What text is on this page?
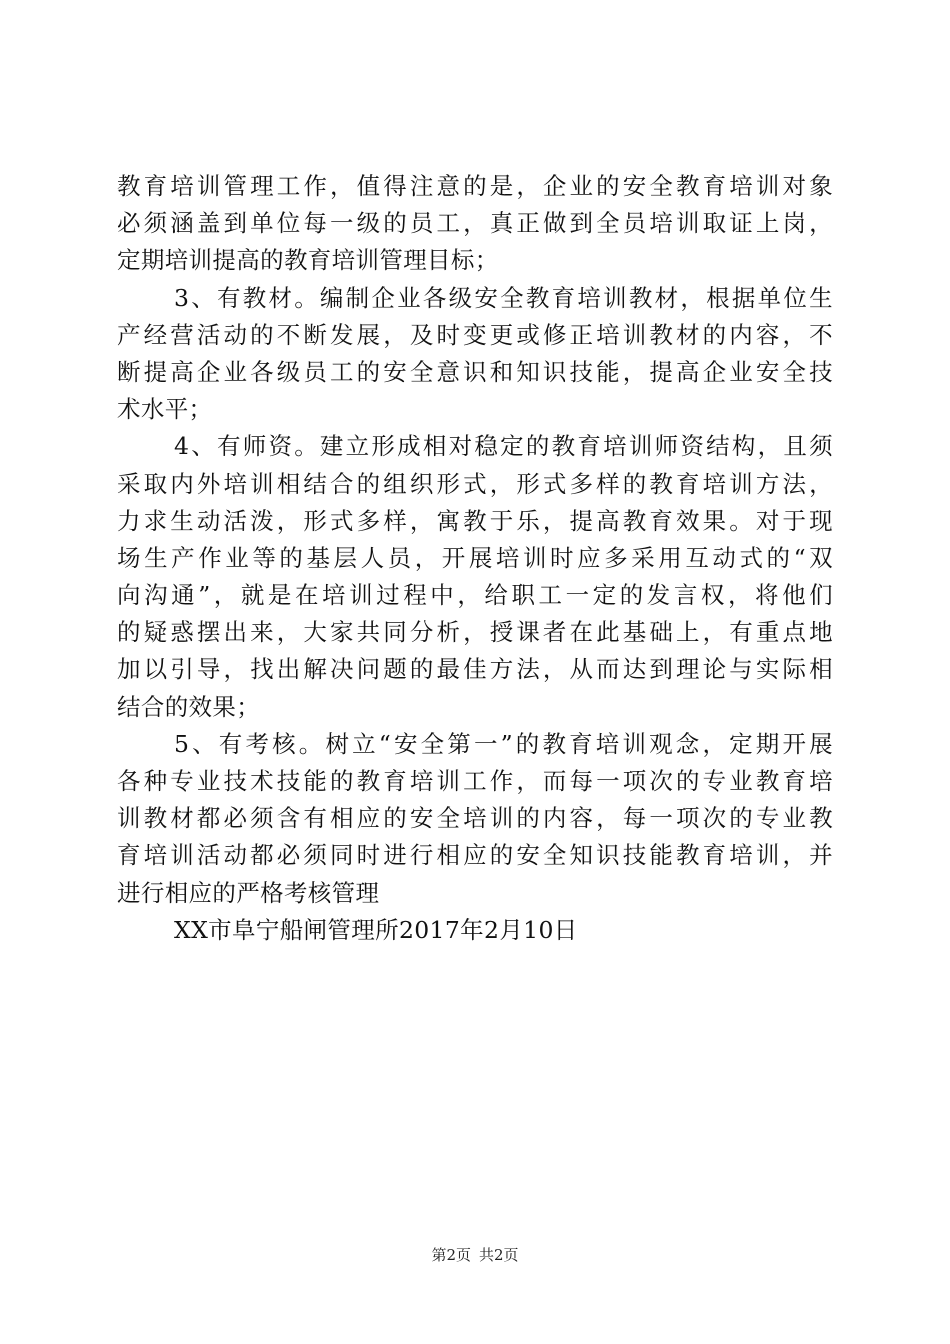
教育培训管理工作，值得注意的是，企业的安全教育培训对象
必须涵盖到单位每一级的员工，真正做到全员培训取证上岗，
定期培训提高的教育培训管理目标；
3、有教材。编制企业各级安全教育培训教材，根据单位生
产经营活动的不断发展，及时变更或修正培训教材的内容，不
断提高企业各级员工的安全意识和知识技能，提高企业安全技
术水平；
4、有师资。建立形成相对稳定的教育培训师资结构，且须
采取内外培训相结合的组织形式，形式多样的教育培训方法，
力求生动活泼，形式多样，寓教于乐，提高教育效果。对于现
场生产作业等的基层人员，开展培训时应多采用互动式的“双
向沟通”，就是在培训过程中，给职工一定的发言权，将他们
的疑惑摆出来，大家共同分析，授课者在此基础上，有重点地
加以引导，找出解决问题的最佳方法，从而达到理论与实际相
结合的效果；
5、有考核。树立“安全第一”的教育培训观念，定期开展
各种专业技术技能的教育培训工作，而每一项次的专业教育培
训教材都必须含有相应的安全培训的内容，每一项次的专业教
育培训活动都必须同时进行相应的安全知识技能教育培训，并
进行相应的严格考核管理
XX市阜宁船闸管理所2017年2月10日
第2页 共2页
